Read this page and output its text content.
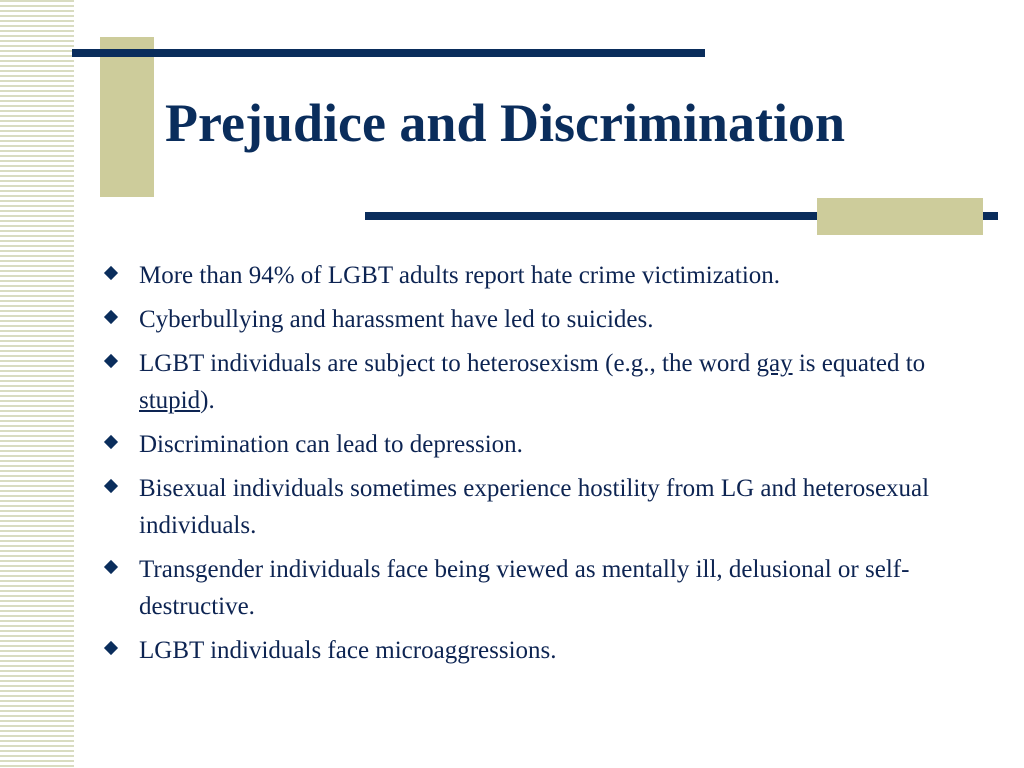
Prejudice and Discrimination
More than 94% of LGBT adults report hate crime victimization.
Cyberbullying and harassment have led to suicides.
LGBT individuals are subject to heterosexism (e.g., the word gay is equated to stupid).
Discrimination can lead to depression.
Bisexual individuals sometimes experience hostility from LG and heterosexual individuals.
Transgender individuals face being viewed as mentally ill, delusional or self-destructive.
LGBT individuals face microaggressions.
